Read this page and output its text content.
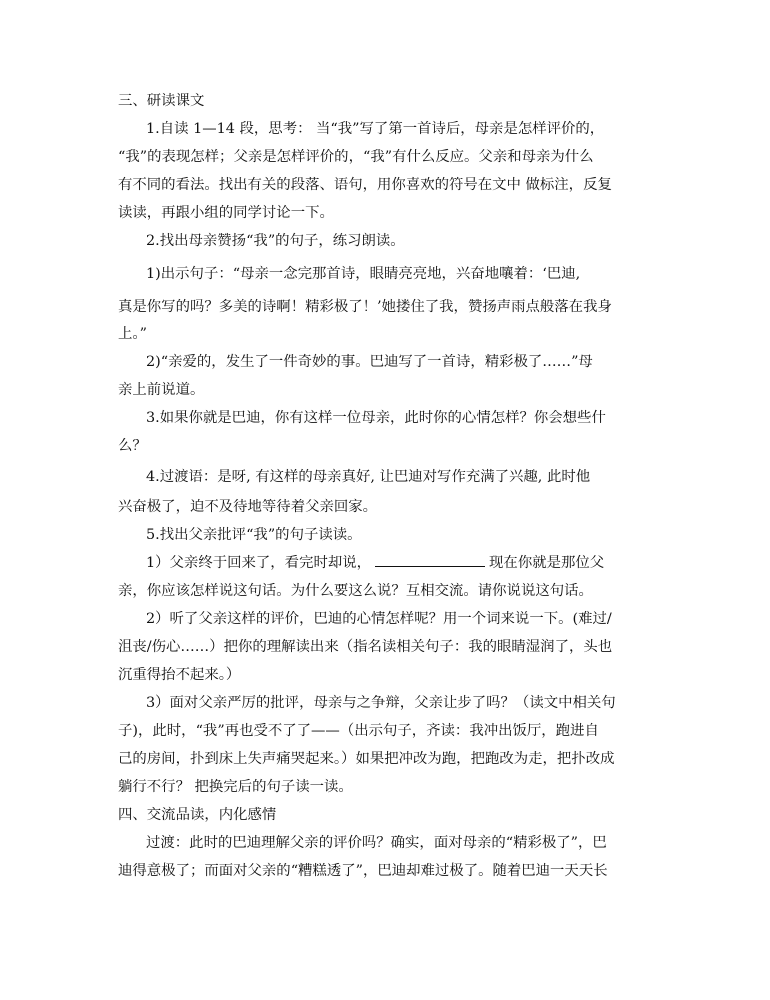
三、研读课文
1.自读 1—14 段，思考： 当“我”写了第一首诗后，母亲是怎样评价的，
“我”的表现怎样；父亲是怎样评价的，“我”有什么反应。父亲和母亲为什么
有不同的看法。找出有关的段落、语句，用你喜欢的符号在文中 做标注，反复
读读，再跟小组的同学讨论一下。
2.找出母亲赞扬“我”的句子，练习朗读。
1)出示句子：“母亲一念完那首诗，眼睛亮亮地，兴奋地嚷着：‘巴迪,
真是你写的吗？多美的诗啊！精彩极了！’她搂住了我，赞扬声雨点般落在我身
上。”
2)“亲爱的，发生了一件奇妙的事。巴迪写了一首诗，精彩极了……”母
亲上前说道。
3.如果你就是巴迪，你有这样一位母亲，此时你的心情怎样？你会想些什
么？
4.过渡语：是呀, 有这样的母亲真好, 让巴迪对写作充满了兴趣, 此时他
兴奋极了，迫不及待地等待着父亲回家。
5.找出父亲批评“我”的句子读读。
1）父亲终于回来了，看完时却说，	现在你就是那位父
亲，你应该怎样说这句话。为什么要这么说？互相交流。请你说说这句话。
2）听了父亲这样的评价，巴迪的心情怎样呢？用一个词来说一下。(难过/
沮丧/伤心……）把你的理解读出来（指名读相关句子：我的眼睛湿润了，头也
沉重得抬不起来。）
3）面对父亲严厉的批评，母亲与之争辩，父亲让步了吗？（读文中相关句
子)，此时，“我”再也受不了了——（出示句子，齐读：我冲出饭厅，跑进自
己的房间，扑到床上失声痛哭起来。）如果把冲改为跑，把跑改为走，把扑改成
躺行不行？ 把换完后的句子读一读。
四、交流品读，内化感情
过渡：此时的巴迪理解父亲的评价吗？确实，面对母亲的“精彩极了”，巴
迪得意极了；而面对父亲的“糟糕透了”，巴迪却难过极了。随着巴迪一天天长
